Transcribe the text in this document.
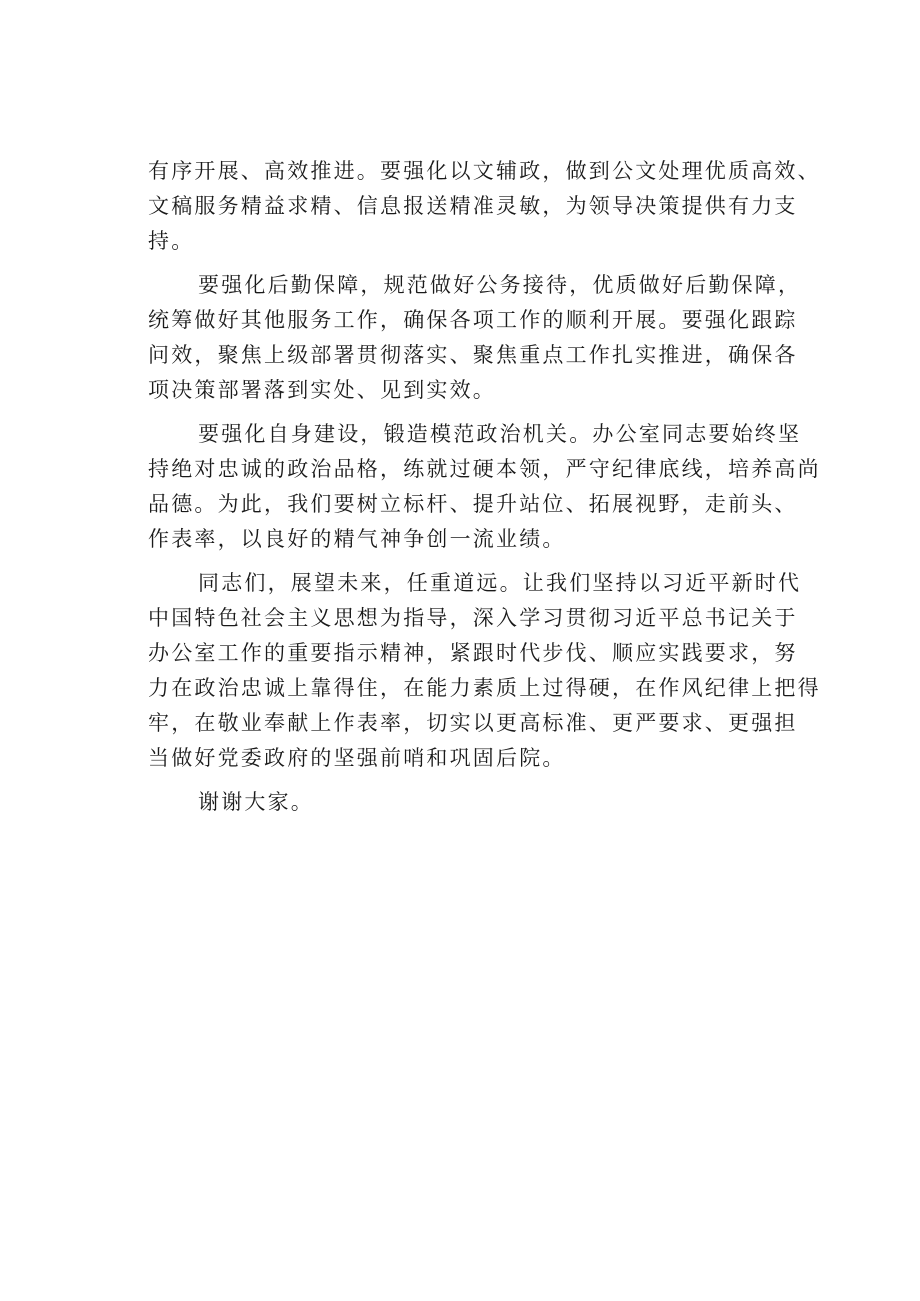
有序开展、高效推进。要强化以文辅政，做到公文处理优质高效、
文稿服务精益求精、信息报送精准灵敏，为领导决策提供有力支
持。
要强化后勤保障，规范做好公务接待，优质做好后勤保障，
统筹做好其他服务工作，确保各项工作的顺利开展。要强化跟踪
问效，聚焦上级部署贯彻落实、聚焦重点工作扎实推进，确保各
项决策部署落到实处、见到实效。
要强化自身建设，锻造模范政治机关。办公室同志要始终坚
持绝对忠诚的政治品格，练就过硬本领，严守纪律底线，培养高尚
品德。为此，我们要树立标杆、提升站位、拓展视野，走前头、
作表率，以良好的精气神争创一流业绩。
同志们，展望未来，任重道远。让我们坚持以习近平新时代
中国特色社会主义思想为指导，深入学习贯彻习近平总书记关于
办公室工作的重要指示精神，紧跟时代步伐、顺应实践要求，努
力在政治忠诚上靠得住，在能力素质上过得硬，在作风纪律上把得
牢，在敬业奉献上作表率，切实以更高标准、更严要求、更强担
当做好党委政府的坚强前哨和巩固后院。
谢谢大家。
